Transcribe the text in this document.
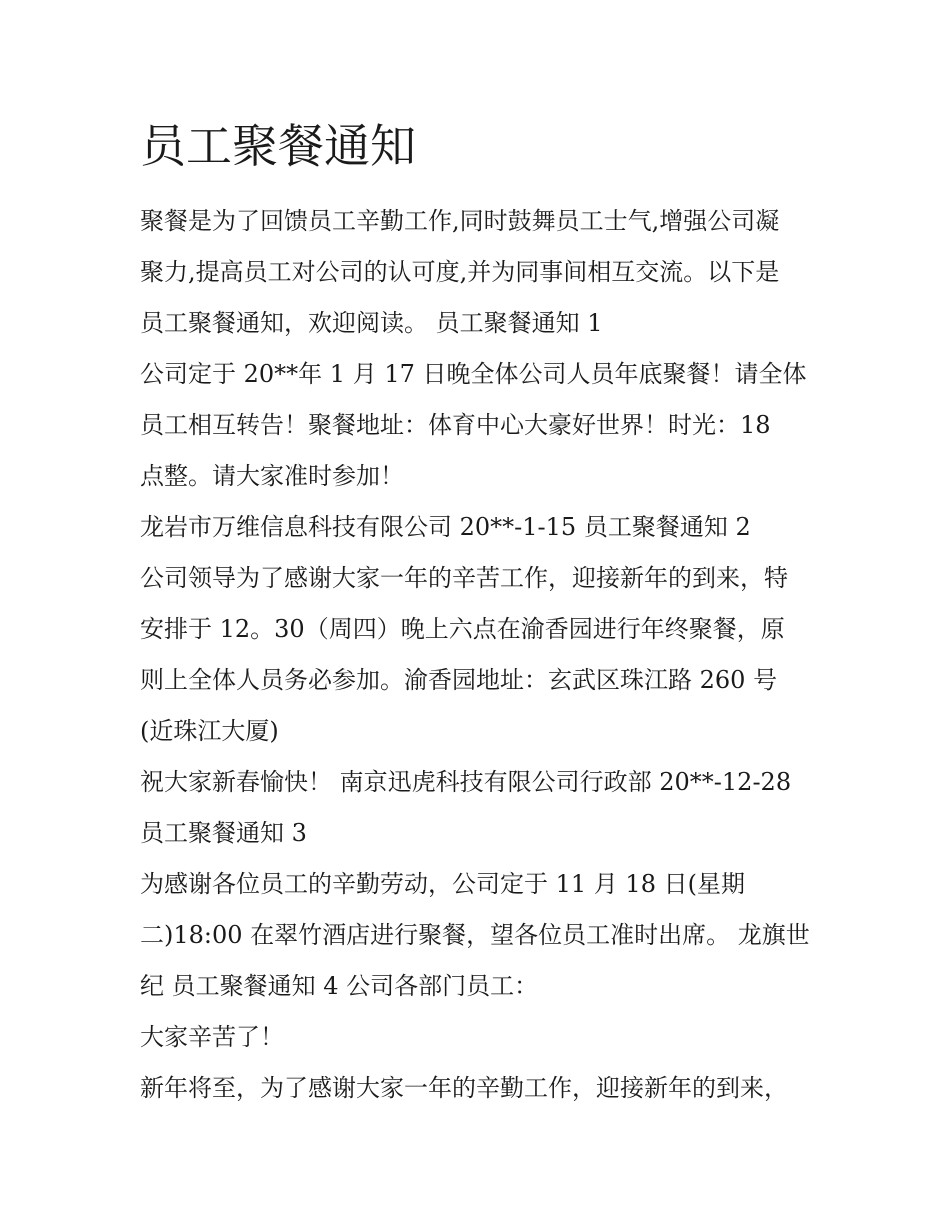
员工聚餐通知

聚餐是为了回馈员工辛勤工作,同时鼓舞员工士气,增强公司凝

聚力,提高员工对公司的认可度,并为同事间相互交流。以下是

员工聚餐通知，欢迎阅读。 员工聚餐通知 1

公司定于 20**年 1 月 17 日晚全体公司人员年底聚餐！请全体

员工相互转告！聚餐地址：体育中心大豪好世界！时光：18

点整。请大家准时参加！

龙岩市万维信息科技有限公司 20**-1-15 员工聚餐通知 2

公司领导为了感谢大家一年的辛苦工作，迎接新年的到来，特

安排于 12。30（周四）晚上六点在渝香园进行年终聚餐，原

则上全体人员务必参加。渝香园地址：玄武区珠江路 260 号

(近珠江大厦)

祝大家新春愉快！ 南京迅虎科技有限公司行政部 20**-12-28

员工聚餐通知 3

为感谢各位员工的辛勤劳动，公司定于 11 月 18 日(星期

二)18:00 在翠竹酒店进行聚餐，望各位员工准时出席。 龙旗世

纪 员工聚餐通知 4 公司各部门员工：

大家辛苦了！

新年将至，为了感谢大家一年的辛勤工作，迎接新年的到来，
